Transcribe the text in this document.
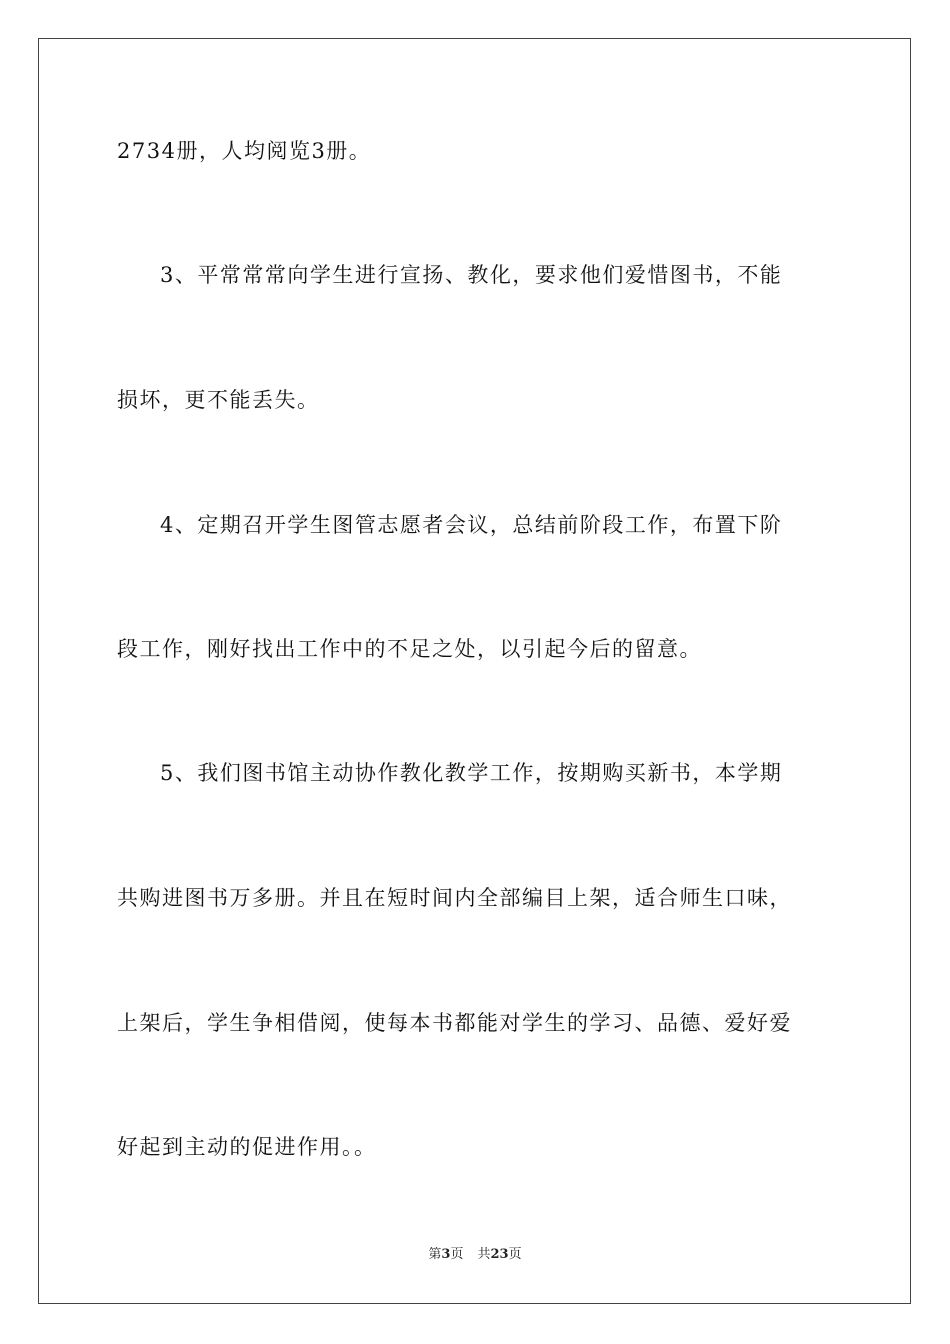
2734册，人均阅览3册。
3、平常常常向学生进行宣扬、教化，要求他们爱惜图书，不能
损坏，更不能丢失。
4、定期召开学生图管志愿者会议，总结前阶段工作，布置下阶
段工作，刚好找出工作中的不足之处，以引起今后的留意。
5、我们图书馆主动协作教化教学工作，按期购买新书，本学期
共购进图书万多册。并且在短时间内全部编目上架，适合师生口味，
上架后，学生争相借阅，使每本书都能对学生的学习、品德、爱好爱
好起到主动的促进作用。。
第3页 共23页
